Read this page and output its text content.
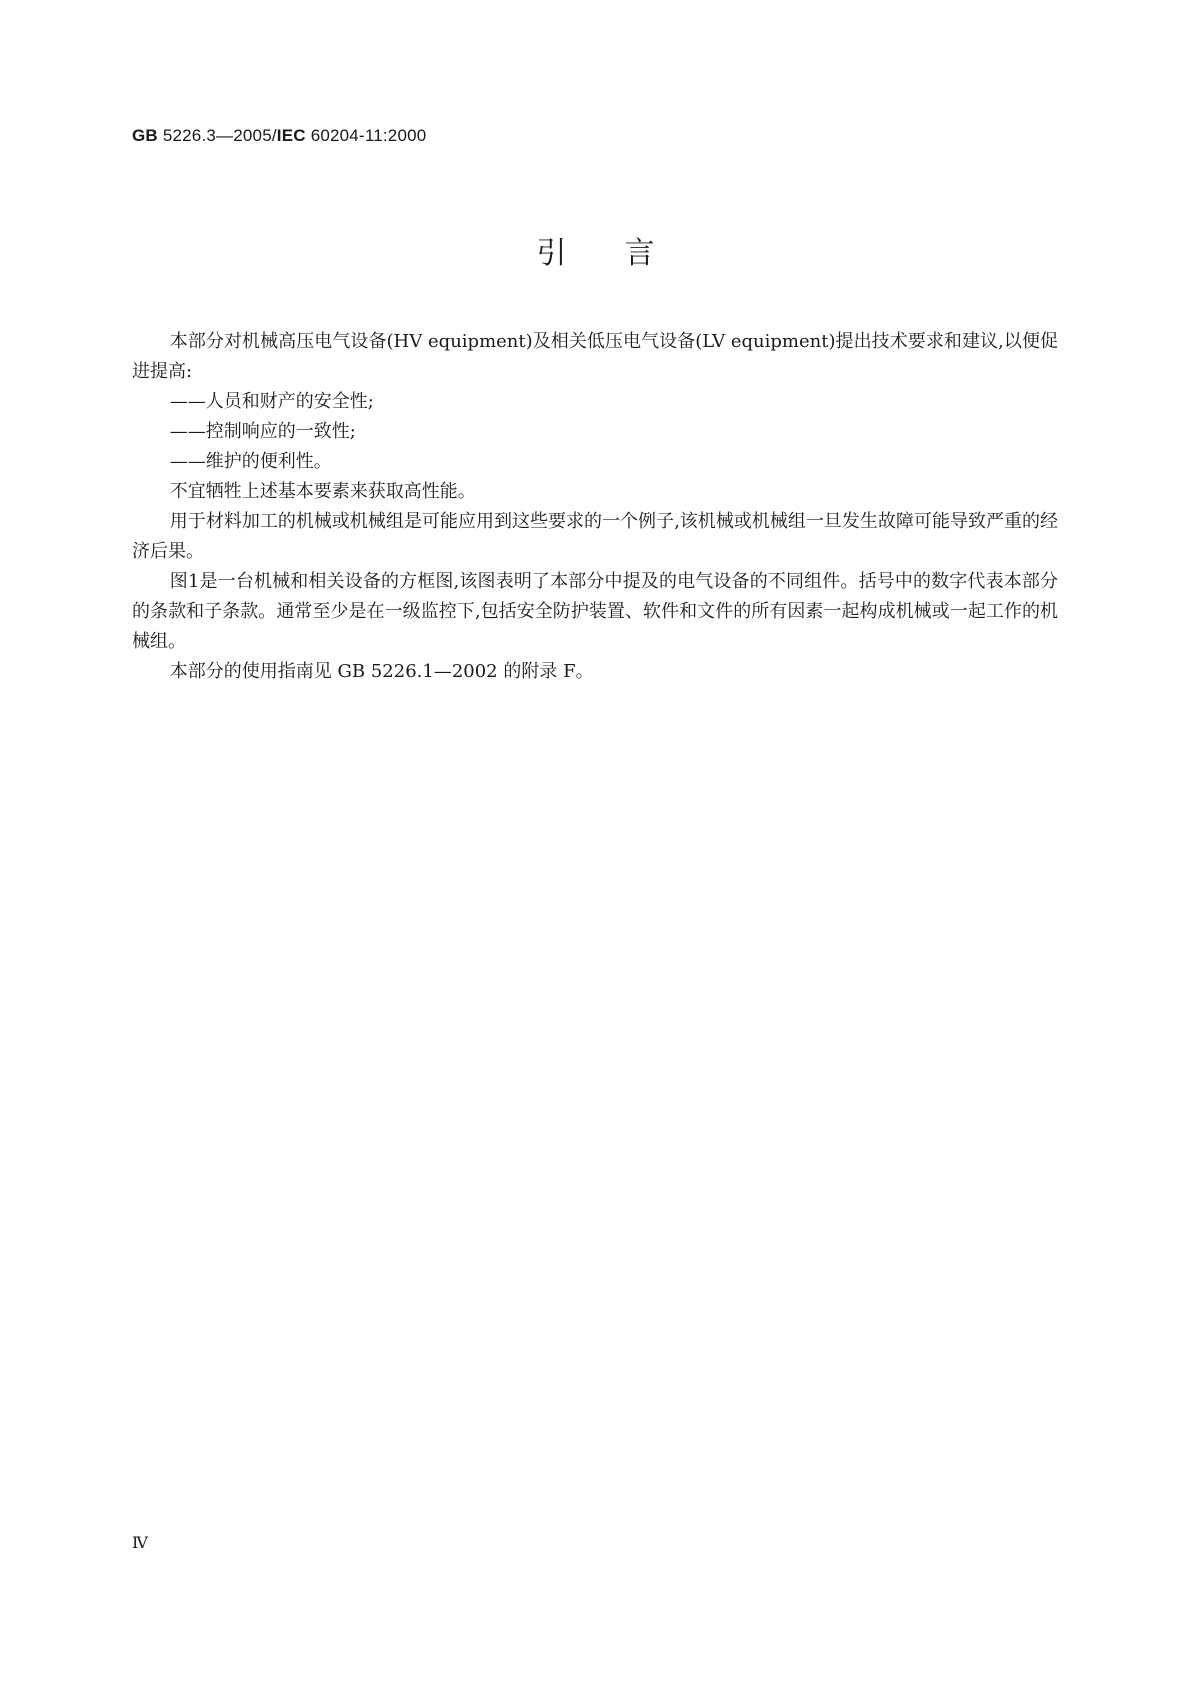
GB 5226.3—2005/IEC 60204-11:2000
引言

本部分对机械高压电气设备(HV equipment)及相关低压电气设备(LV equipment)提出技术要求和建议,以便促进提高:

——人员和财产的安全性;

——控制响应的一致性;

——维护的便利性。

不宜牺牲上述基本要素来获取高性能。

用于材料加工的机械或机械组是可能应用到这些要求的一个例子,该机械或机械组一旦发生故障可能导致严重的经济后果。

图1是一台机械和相关设备的方框图,该图表明了本部分中提及的电气设备的不同组件。括号中的数字代表本部分的条款和子条款。通常至少是在一级监控下,包括安全防护装置、软件和文件的所有因素一起构成机械或一起工作的机械组。

本部分的使用指南见 GB 5226.1—2002 的附录 F。

Ⅳ
